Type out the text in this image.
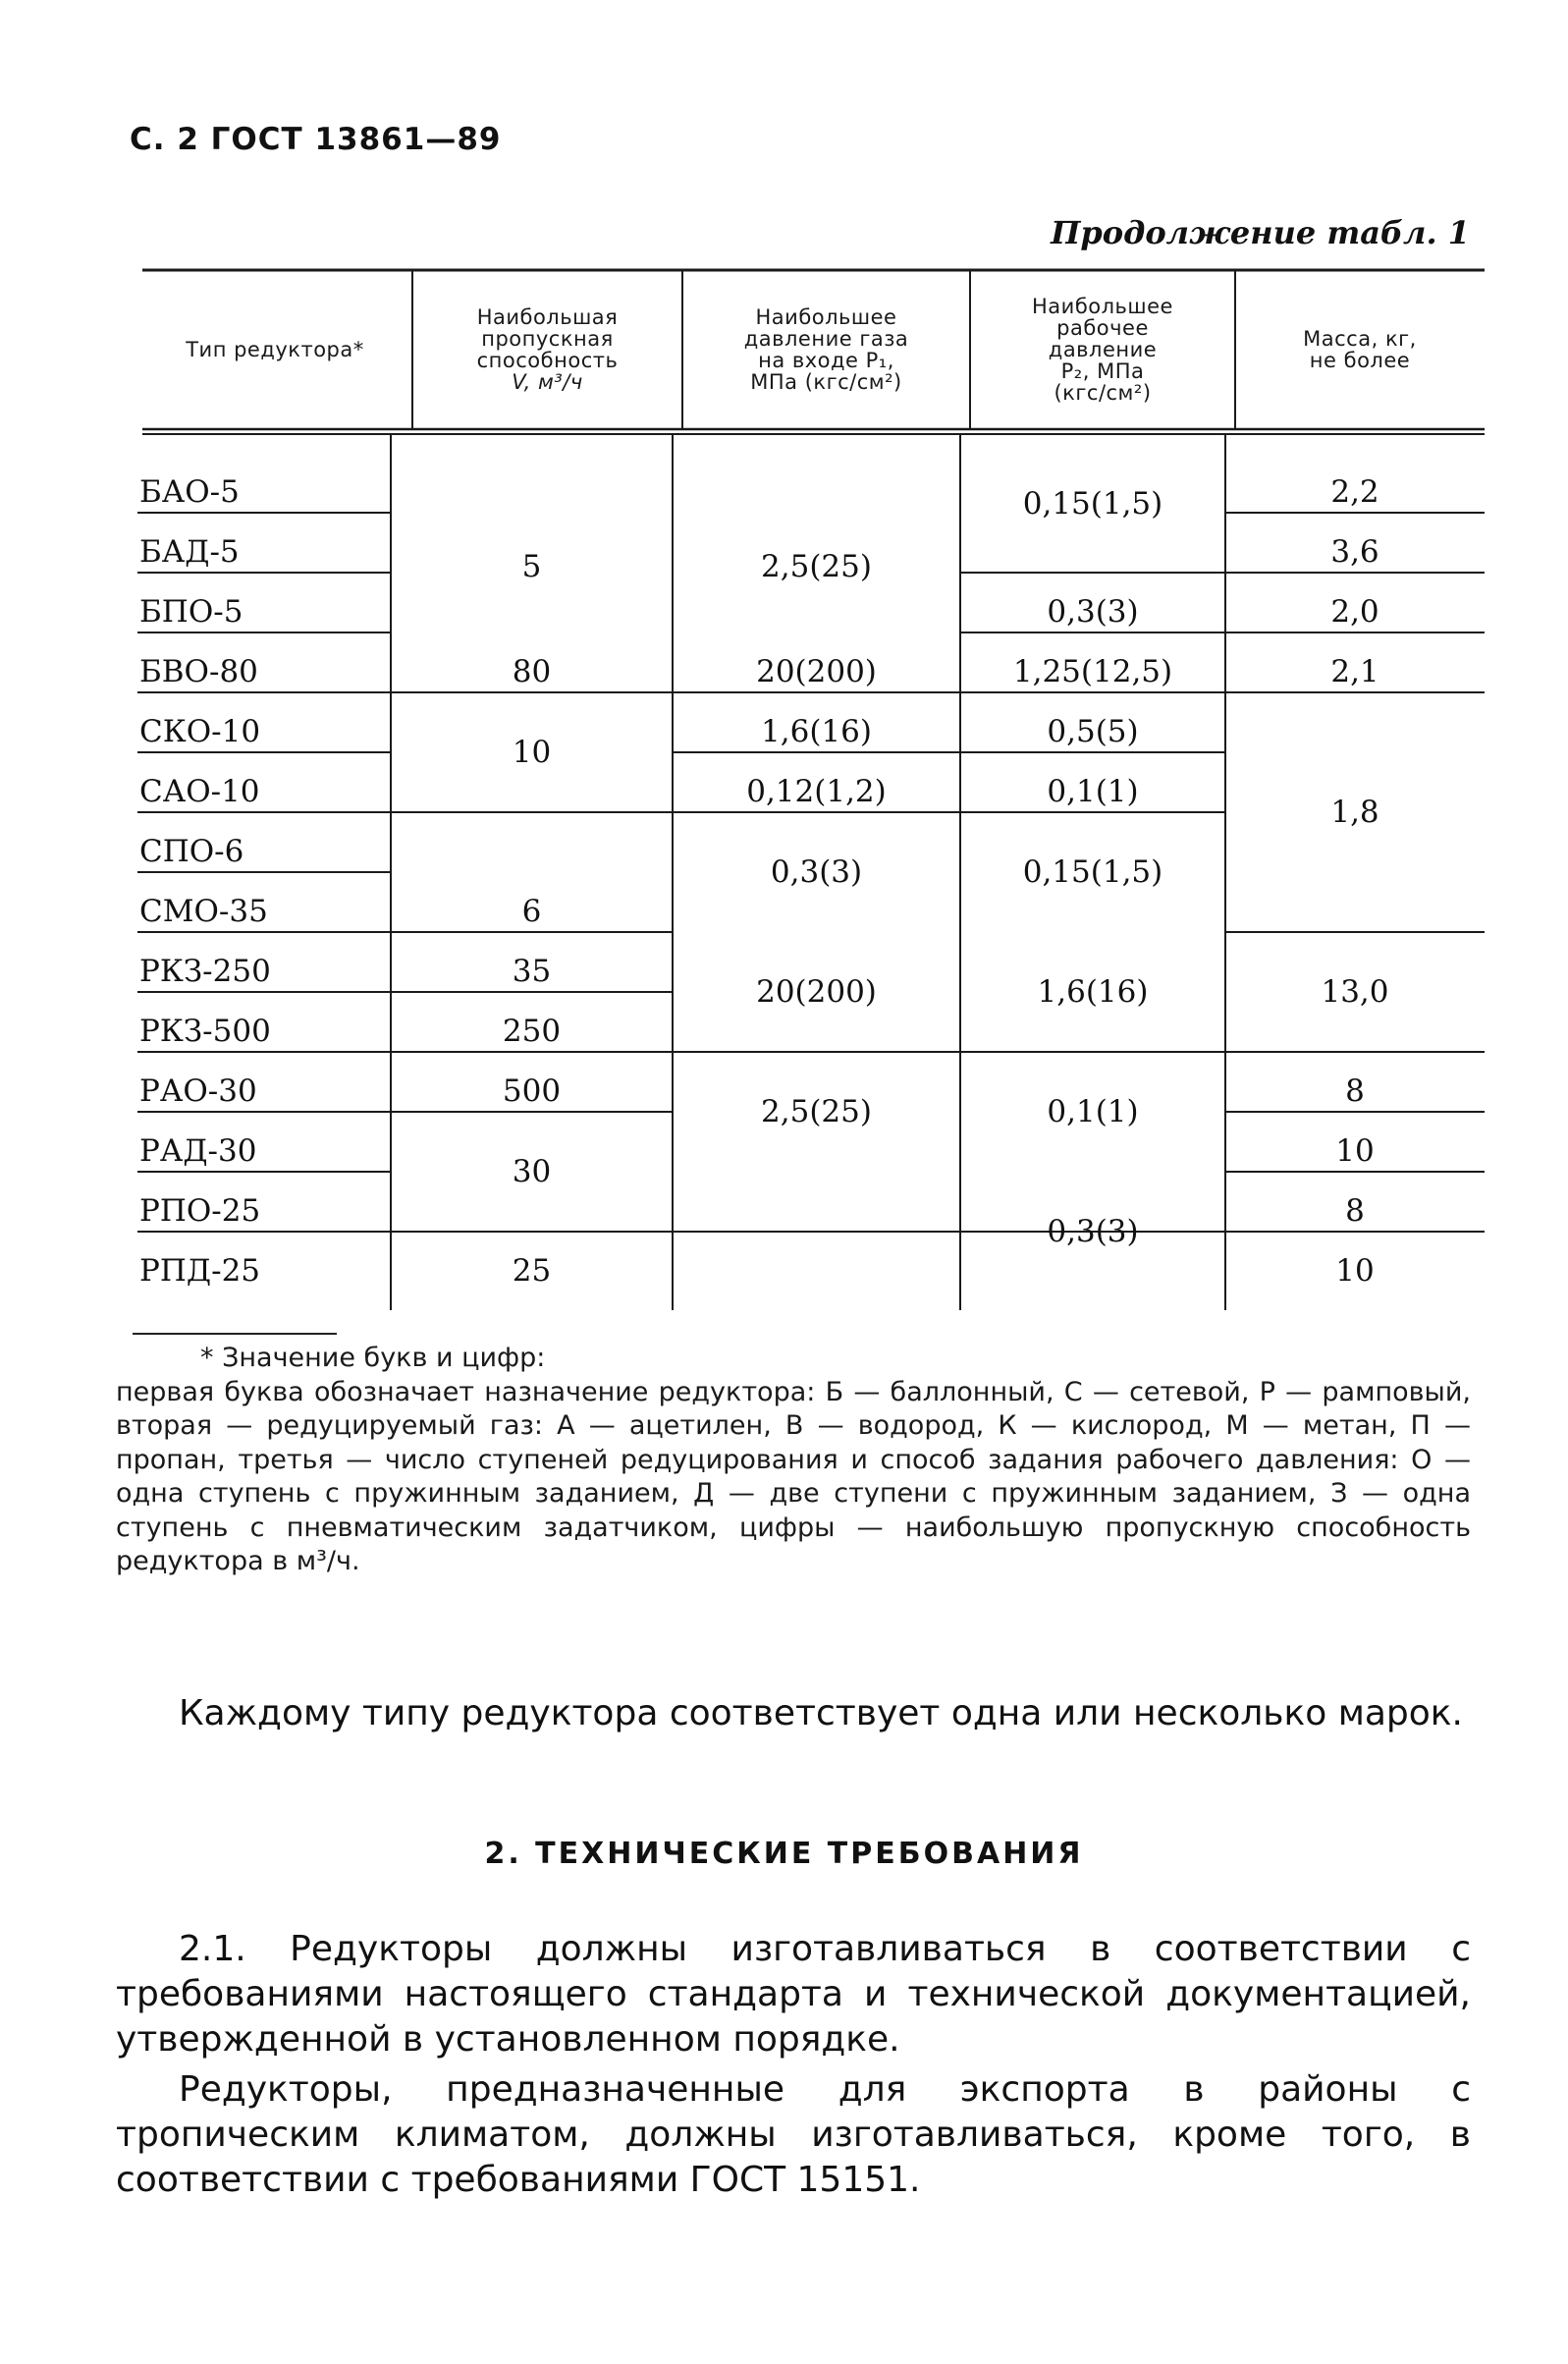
С. 2 ГОСТ 13861—89
Продолжение табл. 1
Тип редуктора*
Наибольшая
пропускная
способность
V, м³/ч
Наибольшее
давление газа
на входе P₁,
МПа (кгс/см²)
Наибольшее
рабочее
давление
P₂, МПа
(кгс/см²)
Масса, кг,
не более
БАО-5
БАД-5
БПО-5
БВО-80
СКО-10
САО-10
СПО-6
СМО-35
РКЗ-250
РКЗ-500
РАО-30
РАД-30
РПО-25
РПД-25
5
80
10
6
35
250
500
30
25
2,5(25)
20(200)
1,6(16)
0,12(1,2)
0,3(3)
20(200)
2,5(25)
0,15(1,5)
0,3(3)
1,25(12,5)
0,5(5)
0,1(1)
0,15(1,5)
1,6(16)
0,1(1)
0,3(3)
2,2
3,6
2,0
2,1
1,8
13,0
8
10
8
10
* Значение букв и цифр:
первая буква обозначает назначение редуктора: Б — баллонный, С — сетевой, Р — рамповый, вторая — редуцируемый газ: А — ацетилен, В — водород, К — кислород, М — метан, П — пропан, третья — число ступеней редуцирования и способ задания рабочего давления: О — одна ступень с пружинным заданием, Д — две ступени с пружинным заданием, З — одна ступень с пневматическим задатчиком, цифры — наибольшую пропускную способность редуктора в м³/ч.
Каждому типу редуктора соответствует одна или несколько марок.
2. ТЕХНИЧЕСКИЕ ТРЕБОВАНИЯ
2.1. Редукторы должны изготавливаться в соответствии с требованиями настоящего стандарта и технической документацией, утвержденной в установленном порядке.
Редукторы, предназначенные для экспорта в районы с тропическим климатом, должны изготавливаться, кроме того, в соответствии с требованиями ГОСТ 15151.
